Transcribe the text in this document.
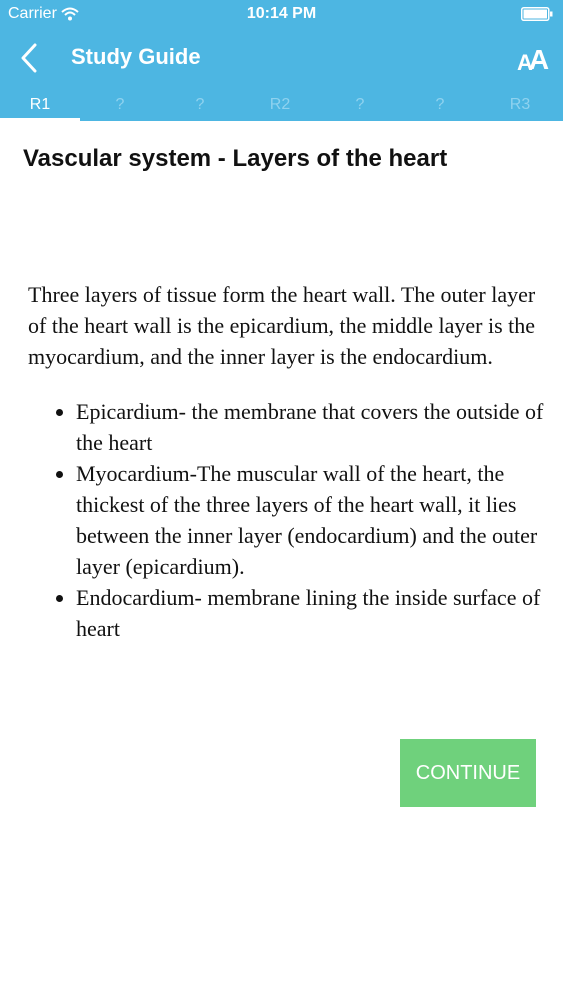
Carrier	10:14 PM
Study Guide	A A
R1	?	?	R2	?	?	R3
Vascular system - Layers of the heart

Three layers of tissue form the heart wall. The outer layer of the heart wall is the epicardium, the middle layer is the myocardium, and the inner layer is the endocardium.

• Epicardium- the membrane that covers the outside of the heart
• Myocardium-The muscular wall of the heart, the thickest of the three layers of the heart wall, it lies between the inner layer (endocardium) and the outer layer (epicardium).
• Endocardium- membrane lining the inside surface of heart
CONTINUE
